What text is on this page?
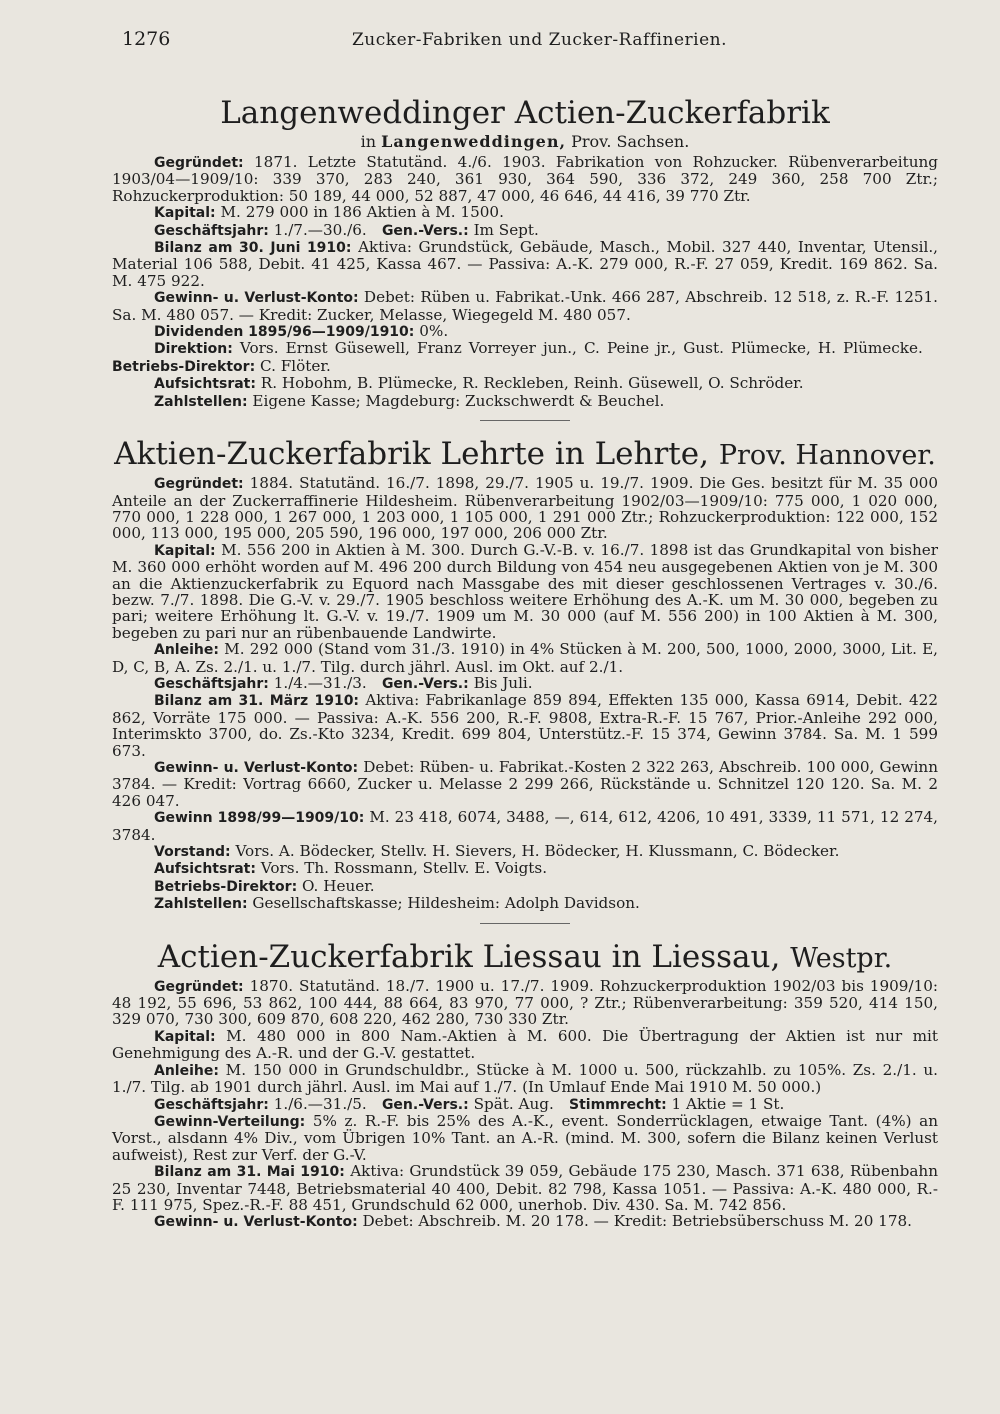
1276	Zucker-Fabriken und Zucker-Raffinerien.
Langenweddinger Actien-Zuckerfabrik
in Langenweddingen, Prov. Sachsen.

Gegründet: 1871. Letzte Statutänd. 4./6. 1903. Fabrikation von Rohzucker. Rübenverarbeitung 1903/04—1909/10: 339 370, 283 240, 361 930, 364 590, 336 372, 249 360, 258 700 Ztr.; Rohzuckerproduktion: 50 189, 44 000, 52 887, 47 000, 46 646, 44 416, 39 770 Ztr.

Kapital: M. 279 000 in 186 Aktien à M. 1500.

Geschäftsjahr: 1./7.—30./6.  Gen.-Vers.: Im Sept.

Bilanz am 30. Juni 1910: Aktiva: Grundstück, Gebäude, Masch., Mobil. 327 440, Inventar, Utensil., Material 106 588, Debit. 41 425, Kassa 467. — Passiva: A.-K. 279 000, R.-F. 27 059, Kredit. 169 862. Sa. M. 475 922.

Gewinn- u. Verlust-Konto: Debet: Rüben u. Fabrikat.-Unk. 466 287, Abschreib. 12 518, z. R.-F. 1251. Sa. M. 480 057. — Kredit: Zucker, Melasse, Wiegegeld M. 480 057.

Dividenden 1895/96—1909/1910: 0%.

Direktion: Vors. Ernst Güsewell, Franz Vorreyer jun., C. Peine jr., Gust. Plümecke, H. Plümecke. Betriebs-Direktor: C. Flöter.

Aufsichtsrat: R. Hobohm, B. Plümecke, R. Reckleben, Reinh. Güsewell, O. Schröder.

Zahlstellen: Eigene Kasse; Magdeburg: Zuckschwerdt & Beuchel.

Aktien-Zuckerfabrik Lehrte in Lehrte, Prov. Hannover.

Gegründet: 1884. Statutänd. 16./7. 1898, 29./7. 1905 u. 19./7. 1909. Die Ges. besitzt für M. 35 000 Anteile an der Zuckerraffinerie Hildesheim. Rübenverarbeitung 1902/03—1909/10: 775 000, 1 020 000, 770 000, 1 228 000, 1 267 000, 1 203 000, 1 105 000, 1 291 000 Ztr.; Rohzuckerproduktion: 122 000, 152 000, 113 000, 195 000, 205 590, 196 000, 197 000, 206 000 Ztr.

Kapital: M. 556 200 in Aktien à M. 300. Durch G.-V.-B. v. 16./7. 1898 ist das Grundkapital von bisher M. 360 000 erhöht worden auf M. 496 200 durch Bildung von 454 neu ausgegebenen Aktien von je M. 300 an die Aktienzuckerfabrik zu Equord nach Massgabe des mit dieser geschlossenen Vertrages v. 30./6. bezw. 7./7. 1898. Die G.-V. v. 29./7. 1905 beschloss weitere Erhöhung des A.-K. um M. 30 000, begeben zu pari; weitere Erhöhung lt. G.-V. v. 19./7. 1909 um M. 30 000 (auf M. 556 200) in 100 Aktien à M. 300, begeben zu pari nur an rübenbauende Landwirte.

Anleihe: M. 292 000 (Stand vom 31./3. 1910) in 4% Stücken à M. 200, 500, 1000, 2000, 3000, Lit. E, D, C, B, A. Zs. 2./1. u. 1./7. Tilg. durch jährl. Ausl. im Okt. auf 2./1.

Geschäftsjahr: 1./4.—31./3.  Gen.-Vers.: Bis Juli.

Bilanz am 31. März 1910: Aktiva: Fabrikanlage 859 894, Effekten 135 000, Kassa 6914, Debit. 422 862, Vorräte 175 000. — Passiva: A.-K. 556 200, R.-F. 9808, Extra-R.-F. 15 767, Prior.-Anleihe 292 000, Interimskto 3700, do. Zs.-Kto 3234, Kredit. 699 804, Unterstütz.-F. 15 374, Gewinn 3784. Sa. M. 1 599 673.

Gewinn- u. Verlust-Konto: Debet: Rüben- u. Fabrikat.-Kosten 2 322 263, Abschreib. 100 000, Gewinn 3784. — Kredit: Vortrag 6660, Zucker u. Melasse 2 299 266, Rückstände u. Schnitzel 120 120. Sa. M. 2 426 047.

Gewinn 1898/99—1909/10: M. 23 418, 6074, 3488, —, 614, 612, 4206, 10 491, 3339, 11 571, 12 274, 3784.

Vorstand: Vors. A. Bödecker, Stellv. H. Sievers, H. Bödecker, H. Klussmann, C. Bödecker.

Aufsichtsrat: Vors. Th. Rossmann, Stellv. E. Voigts.

Betriebs-Direktor: O. Heuer.

Zahlstellen: Gesellschaftskasse; Hildesheim: Adolph Davidson.

Actien-Zuckerfabrik Liessau in Liessau, Westpr.

Gegründet: 1870. Statutänd. 18./7. 1900 u. 17./7. 1909. Rohzuckerproduktion 1902/03 bis 1909/10: 48 192, 55 696, 53 862, 100 444, 88 664, 83 970, 77 000, ? Ztr.; Rübenverarbeitung: 359 520, 414 150, 329 070, 730 300, 609 870, 608 220, 462 280, 730 330 Ztr.

Kapital: M. 480 000 in 800 Nam.-Aktien à M. 600. Die Übertragung der Aktien ist nur mit Genehmigung des A.-R. und der G.-V. gestattet.

Anleihe: M. 150 000 in Grundschuldbr., Stücke à M. 1000 u. 500, rückzahlb. zu 105%. Zs. 2./1. u. 1./7. Tilg. ab 1901 durch jährl. Ausl. im Mai auf 1./7. (In Umlauf Ende Mai 1910 M. 50 000.)

Geschäftsjahr: 1./6.—31./5.  Gen.-Vers.: Spät. Aug.  Stimmrecht: 1 Aktie = 1 St.

Gewinn-Verteilung: 5% z. R.-F. bis 25% des A.-K., event. Sonderrücklagen, etwaige Tant. (4%) an Vorst., alsdann 4% Div., vom Übrigen 10% Tant. an A.-R. (mind. M. 300, sofern die Bilanz keinen Verlust aufweist), Rest zur Verf. der G.-V.

Bilanz am 31. Mai 1910: Aktiva: Grundstück 39 059, Gebäude 175 230, Masch. 371 638, Rübenbahn 25 230, Inventar 7448, Betriebsmaterial 40 400, Debit. 82 798, Kassa 1051. — Passiva: A.-K. 480 000, R.-F. 111 975, Spez.-R.-F. 88 451, Grundschuld 62 000, unerhob. Div. 430. Sa. M. 742 856.

Gewinn- u. Verlust-Konto: Debet: Abschreib. M. 20 178. — Kredit: Betriebsüberschuss M. 20 178.
